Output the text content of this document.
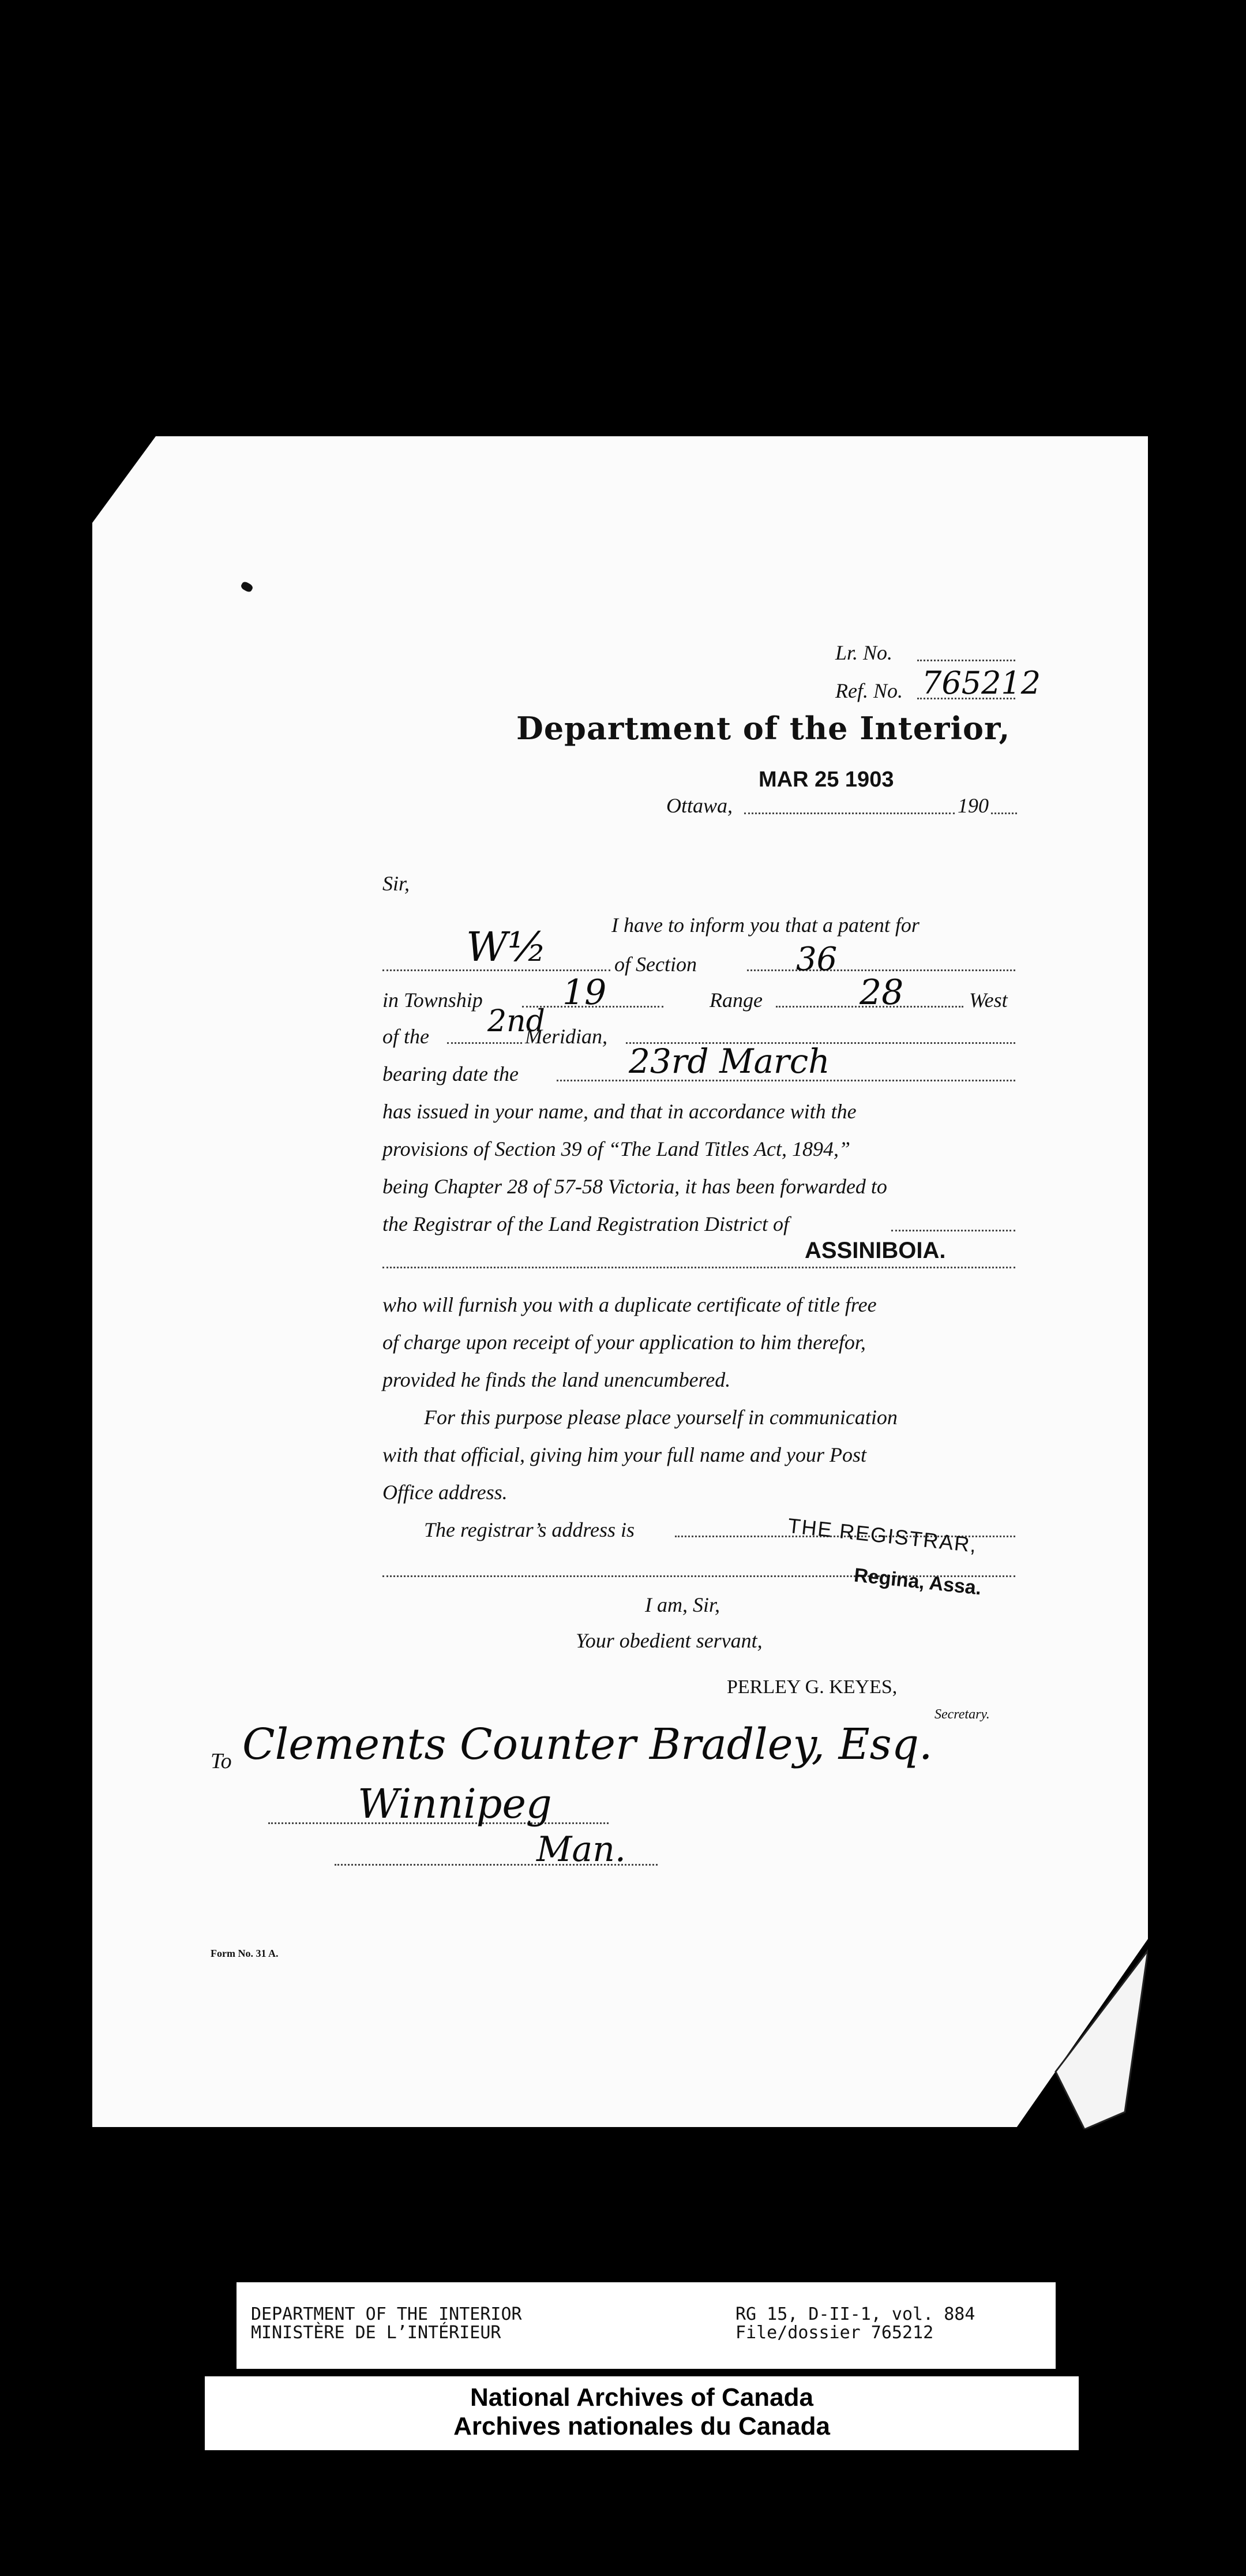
Lr. No.
Ref. No. 765212
Department of the Interior,
MAR 25 1903
Ottawa,	190
Sir,
I have to inform you that a patent for
W½	of Section	36
in Township 19	Range	28	West
of the 2nd
Meridian,
bearing date the	23rd March
has issued in your name, and that in accordance with the
provisions of Section 39 of “The Land Titles Act, 1894,”
being Chapter 28 of 57-58 Victoria, it has been forwarded to
the Registrar of the Land Registration District of
ASSINIBOIA.
who will furnish you with a duplicate certificate of title free
of charge upon receipt of your application to him therefor,
provided he finds the land unencumbered.
For this purpose please place yourself in communication
with that official, giving him your full name and your Post
Office address.
The registrar’s address is	THE REGISTRAR,
Regina, Assa.
I am, Sir,
Your obedient servant,
PERLEY G. KEYES,
Secretary.
To Clements Counter Bradley, Esq.
Winnipeg
Man.
Form No. 31 A.
DEPARTMENT OF THE INTERIOR
MINISTÈRE DE L’INTÉRIEUR
RG 15, D-II-1, vol. 884
File/dossier 765212
National Archives of Canada
Archives nationales du Canada
